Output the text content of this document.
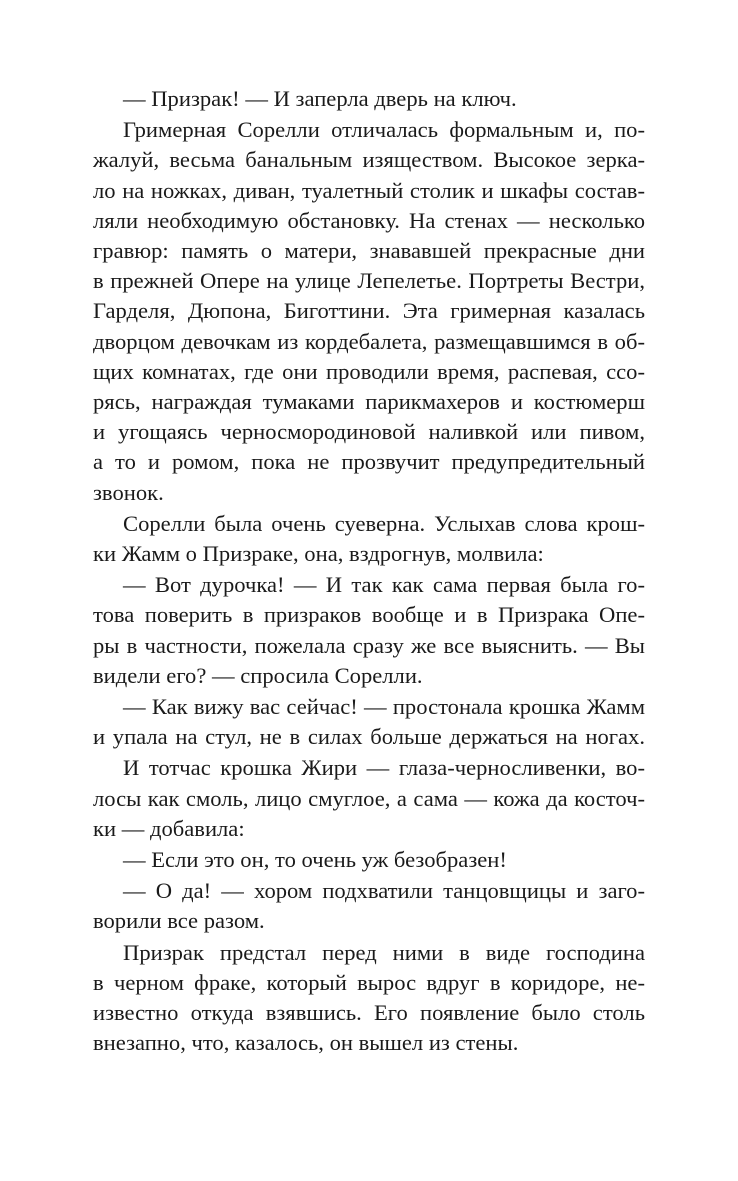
— Призрак! — И заперла дверь на ключ.
Гримерная Сорелли отличалась формальным и, по-
жалуй, весьма банальным изяществом. Высокое зерка-
ло на ножках, диван, туалетный столик и шкафы состав-
ляли необходимую обстановку. На стенах — несколько
гравюр: память о матери, знававшей прекрасные дни
в прежней Опере на улице Лепелетье. Портреты Вестри,
Гарделя, Дюпона, Биготтини. Эта гримерная казалась
дворцом девочкам из кордебалета, размещавшимся в об-
щих комнатах, где они проводили время, распевая, ссо-
рясь, награждая тумаками парикмахеров и костюмерш
и угощаясь черносмородиновой наливкой или пивом,
а то и ромом, пока не прозвучит предупредительный
звонок.
Сорелли была очень суеверна. Услыхав слова крош-
ки Жамм о Призраке, она, вздрогнув, молвила:
— Вот дурочка! — И так как сама первая была го-
това поверить в призраков вообще и в Призрака Опе-
ры в частности, пожелала сразу же все выяснить. — Вы
видели его? — спросила Сорелли.
— Как вижу вас сейчас! — простонала крошка Жамм
и упала на стул, не в силах больше держаться на ногах.
И тотчас крошка Жири — глаза-черносливенки, во-
лосы как смоль, лицо смуглое, а сама — кожа да косточ-
ки — добавила:
— Если это он, то очень уж безобразен!
— О да! — хором подхватили танцовщицы и заго-
ворили все разом.
Призрак предстал перед ними в виде господина
в черном фраке, который вырос вдруг в коридоре, не-
известно откуда взявшись. Его появление было столь
внезапно, что, казалось, он вышел из стены.
